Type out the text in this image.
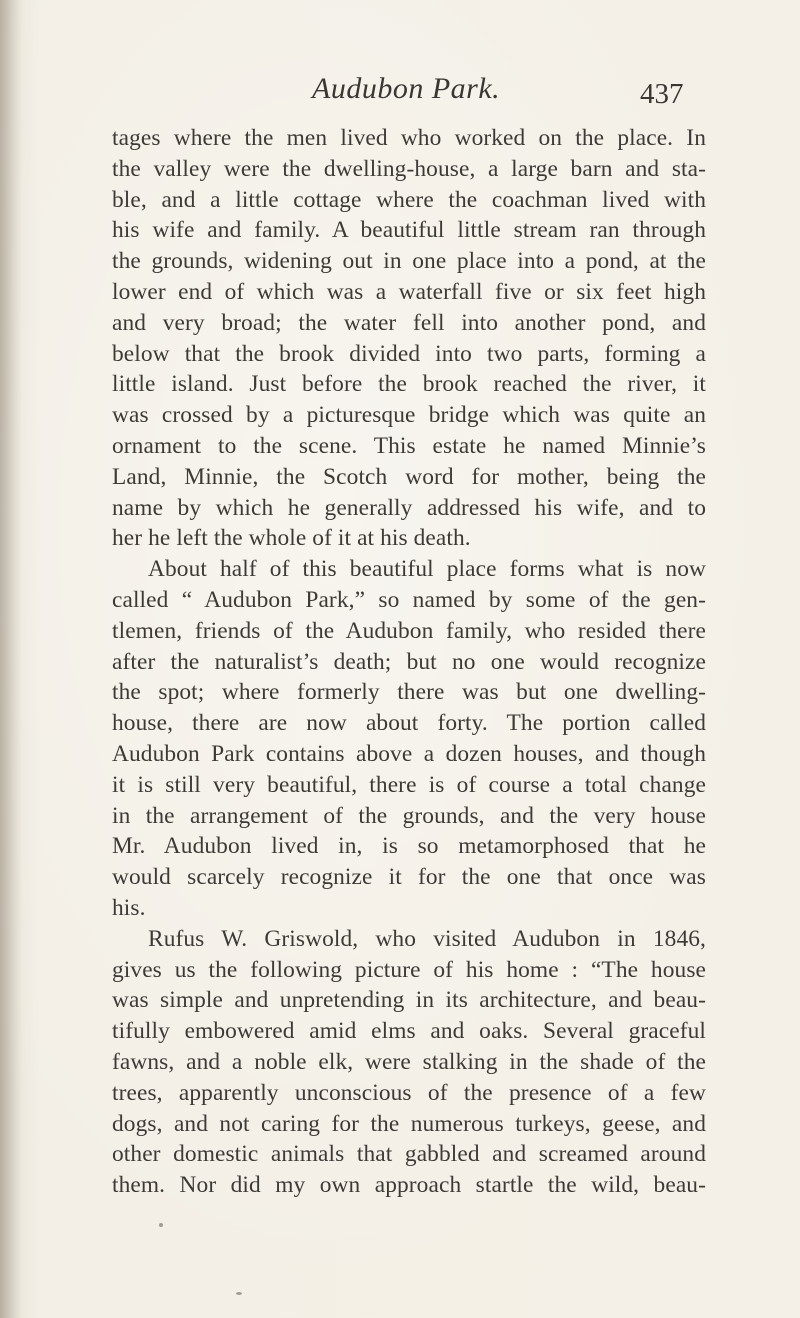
Audubon Park.	437
tages where the men lived who worked on the place. In
the valley were the dwelling-house, a large barn and sta-
ble, and a little cottage where the coachman lived with
his wife and family. A beautiful little stream ran through
the grounds, widening out in one place into a pond, at the
lower end of which was a waterfall five or six feet high
and very broad; the water fell into another pond, and
below that the brook divided into two parts, forming a
little island. Just before the brook reached the river, it
was crossed by a picturesque bridge which was quite an
ornament to the scene. This estate he named Minnie’s
Land, Minnie, the Scotch word for mother, being the
name by which he generally addressed his wife, and to
her he left the whole of it at his death.
About half of this beautiful place forms what is now
called “ Audubon Park,” so named by some of the gen-
tlemen, friends of the Audubon family, who resided there
after the naturalist’s death; but no one would recognize
the spot; where formerly there was but one dwelling-
house, there are now about forty. The portion called
Audubon Park contains above a dozen houses, and though
it is still very beautiful, there is of course a total change
in the arrangement of the grounds, and the very house
Mr. Audubon lived in, is so metamorphosed that he
would scarcely recognize it for the one that once was
his.
Rufus W. Griswold, who visited Audubon in 1846,
gives us the following picture of his home : “The house
was simple and unpretending in its architecture, and beau-
tifully embowered amid elms and oaks. Several graceful
fawns, and a noble elk, were stalking in the shade of the
trees, apparently unconscious of the presence of a few
dogs, and not caring for the numerous turkeys, geese, and
other domestic animals that gabbled and screamed around
them. Nor did my own approach startle the wild, beau-
